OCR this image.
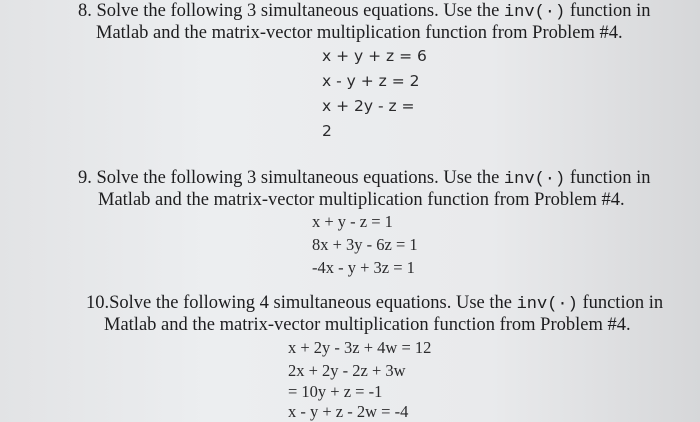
8. Solve the following 3 simultaneous equations. Use the inv(·) function in
Matlab and the matrix-vector multiplication function from Problem #4.
x + y + z = 6
x - y + z = 2
x + 2y - z =
2
9. Solve the following 3 simultaneous equations. Use the inv(·) function in
Matlab and the matrix-vector multiplication function from Problem #4.
x + y - z = 1
8x + 3y - 6z = 1
-4x - y + 3z = 1
10.Solve the following 4 simultaneous equations. Use the inv(·) function in
Matlab and the matrix-vector multiplication function from Problem #4.
x + 2y - 3z + 4w = 12
2x + 2y - 2z + 3w
= 10y + z = -1
x - y + z - 2w = -4
